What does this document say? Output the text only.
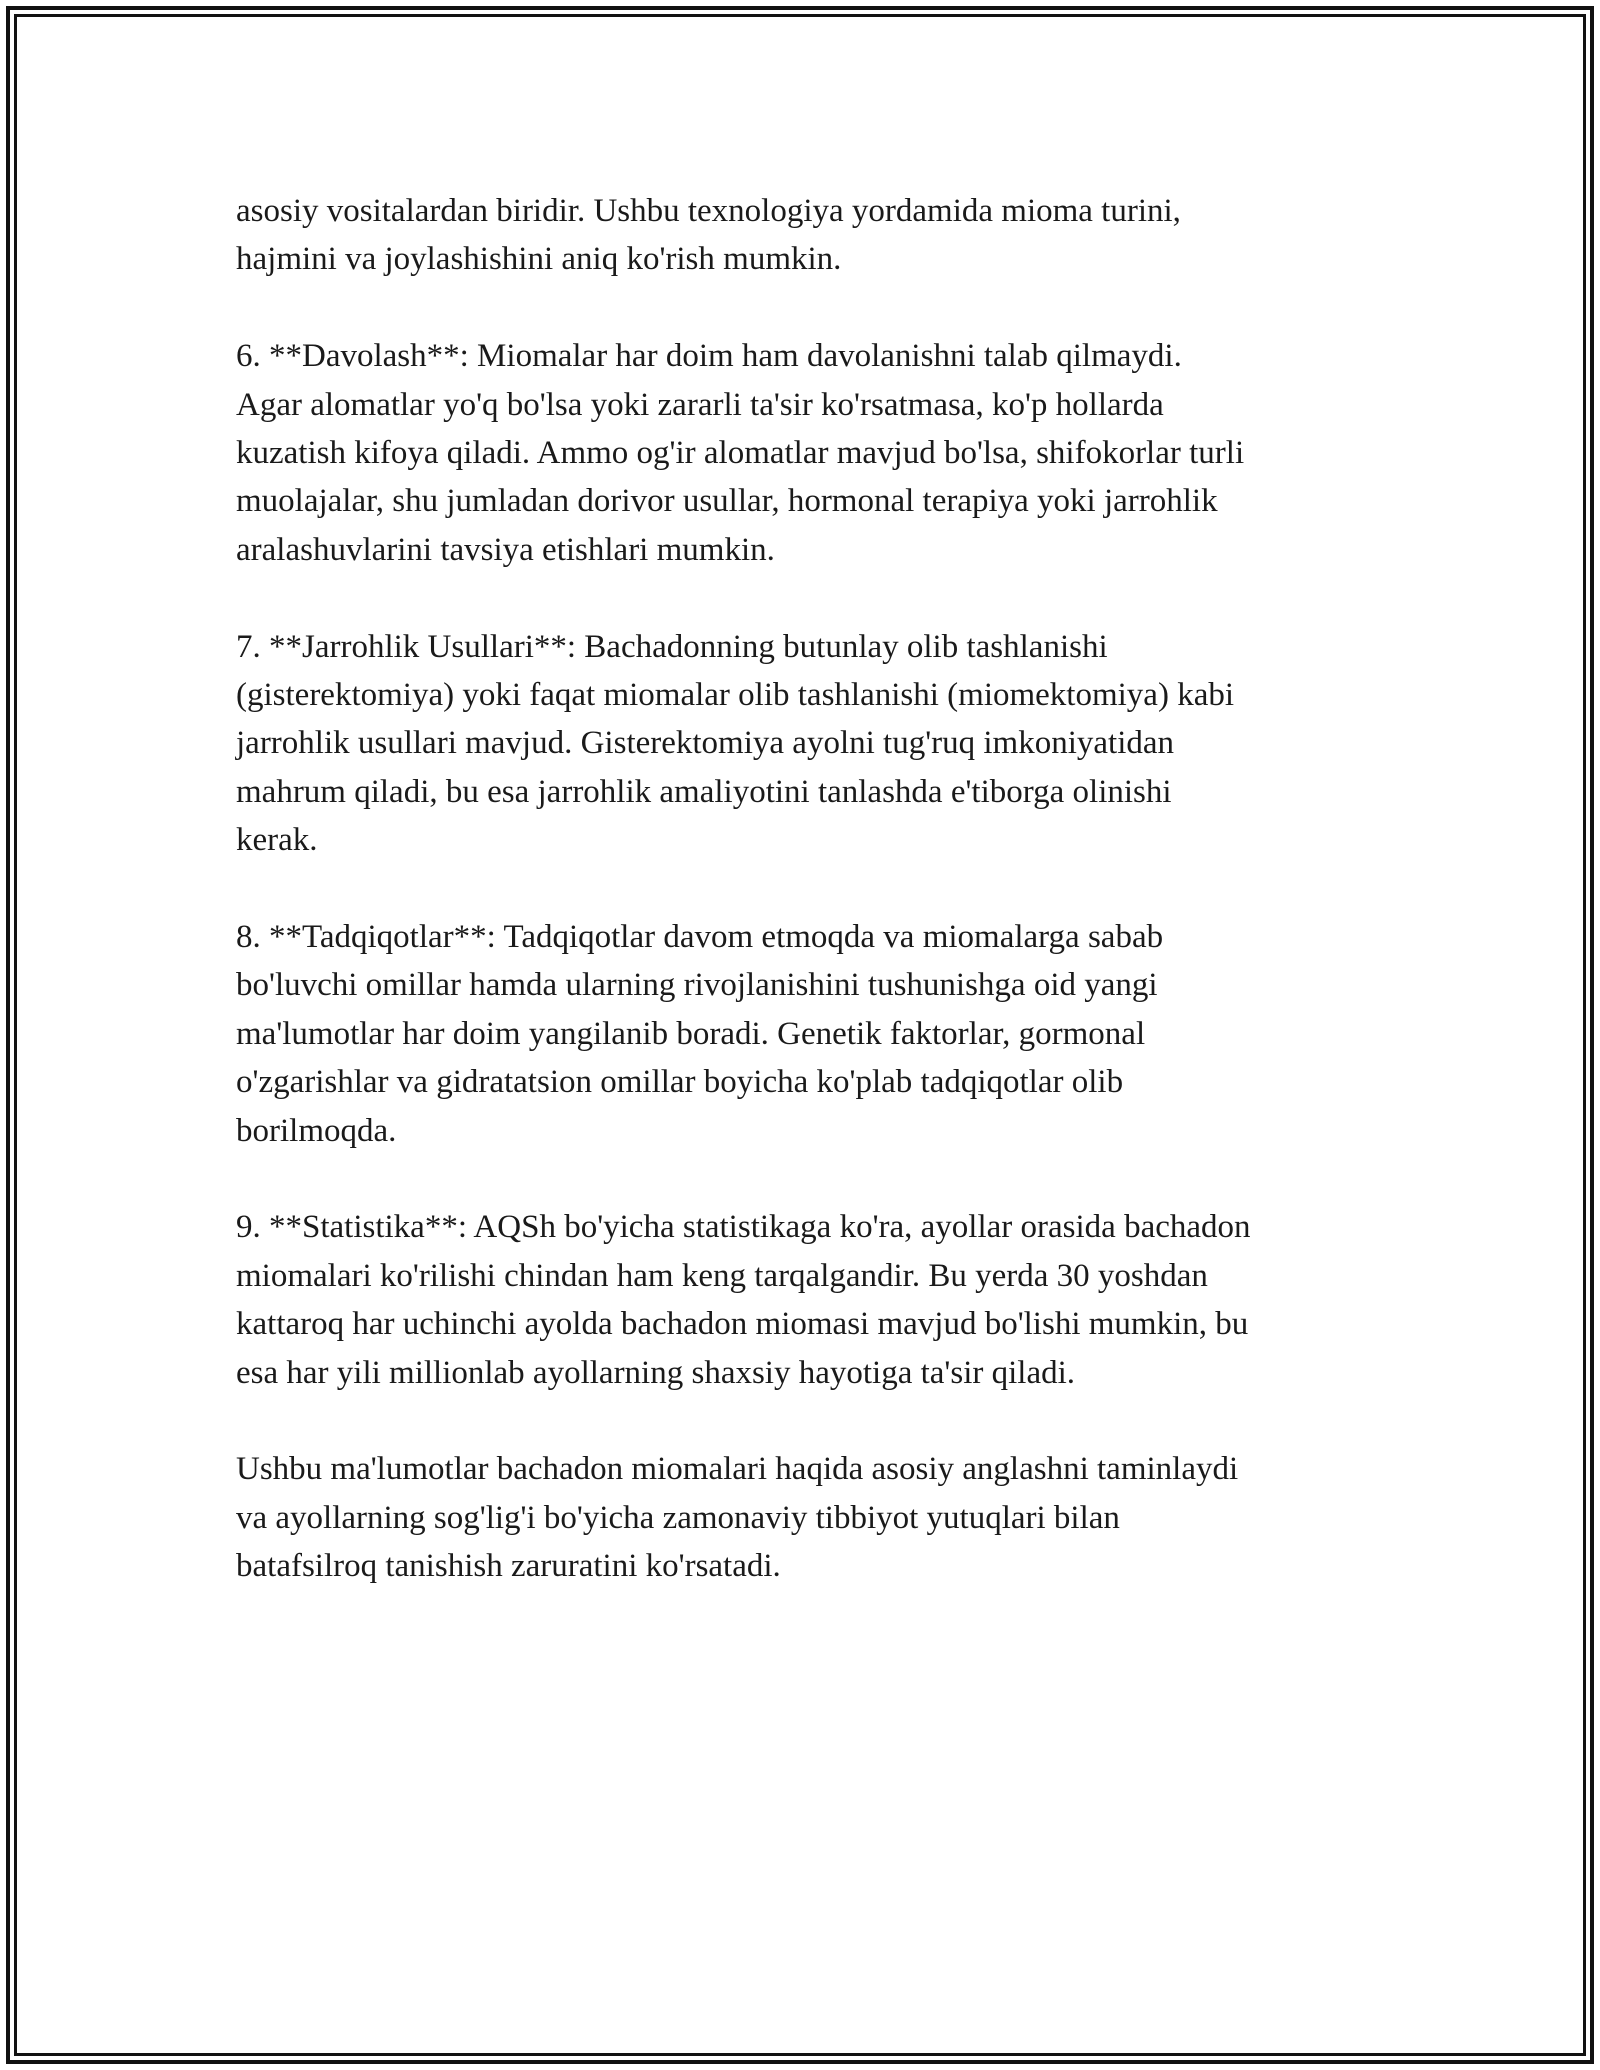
asosiy vositalardan biridir. Ushbu texnologiya yordamida mioma turini,
hajmini va joylashishini aniq ko'rish mumkin.

6. **Davolash**: Miomalar har doim ham davolanishni talab qilmaydi.
Agar alomatlar yo'q bo'lsa yoki zararli ta'sir ko'rsatmasa, ko'p hollarda
kuzatish kifoya qiladi. Ammo og'ir alomatlar mavjud bo'lsa, shifokorlar turli
muolajalar, shu jumladan dorivor usullar, hormonal terapiya yoki jarrohlik
aralashuvlarini tavsiya etishlari mumkin.

7. **Jarrohlik Usullari**: Bachadonning butunlay olib tashlanishi
(gisterektomiya) yoki faqat miomalar olib tashlanishi (miomektomiya) kabi
jarrohlik usullari mavjud. Gisterektomiya ayolni tug'ruq imkoniyatidan
mahrum qiladi, bu esa jarrohlik amaliyotini tanlashda e'tiborga olinishi
kerak.

8. **Tadqiqotlar**: Tadqiqotlar davom etmoqda va miomalarga sabab
bo'luvchi omillar hamda ularning rivojlanishini tushunishga oid yangi
ma'lumotlar har doim yangilanib boradi. Genetik faktorlar, gormonal
o'zgarishlar va gidratatsion omillar boyicha ko'plab tadqiqotlar olib
borilmoqda.

9. **Statistika**: AQSh bo'yicha statistikaga ko'ra, ayollar orasida bachadon
miomalari ko'rilishi chindan ham keng tarqalgandir. Bu yerda 30 yoshdan
kattaroq har uchinchi ayolda bachadon miomasi mavjud bo'lishi mumkin, bu
esa har yili millionlab ayollarning shaxsiy hayotiga ta'sir qiladi.

Ushbu ma'lumotlar bachadon miomalari haqida asosiy anglashni taminlaydi
va ayollarning sog'lig'i bo'yicha zamonaviy tibbiyot yutuqlari bilan
batafsilroq tanishish zaruratini ko'rsatadi.
